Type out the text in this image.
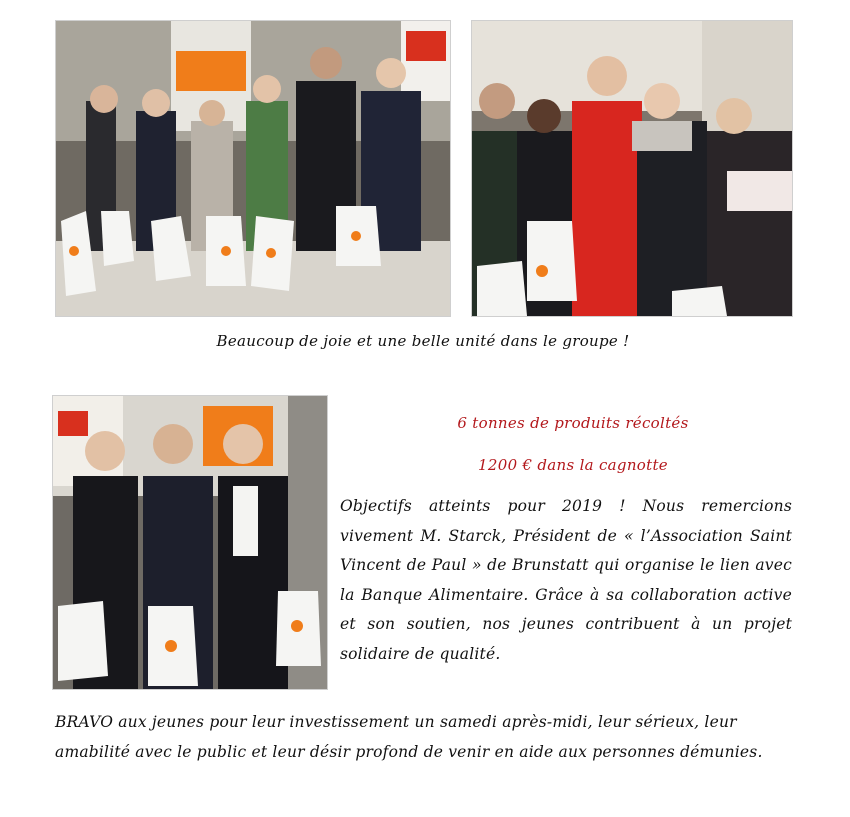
Beaucoup de joie et une belle unité dans le groupe !
6 tonnes de produits récoltés
1200 € dans la cagnotte
Objectifs atteints pour 2019 ! Nous remercions vivement M. Starck, Président de « l’Association Saint Vincent de Paul » de Brunstatt qui organise le lien avec la Banque Alimentaire. Grâce à sa collaboration active et son soutien, nos jeunes contribuent à un projet solidaire de qualité.
BRAVO aux jeunes pour leur investissement un samedi après-midi, leur sérieux, leur amabilité avec le public et leur désir profond de venir en aide aux personnes démunies.
